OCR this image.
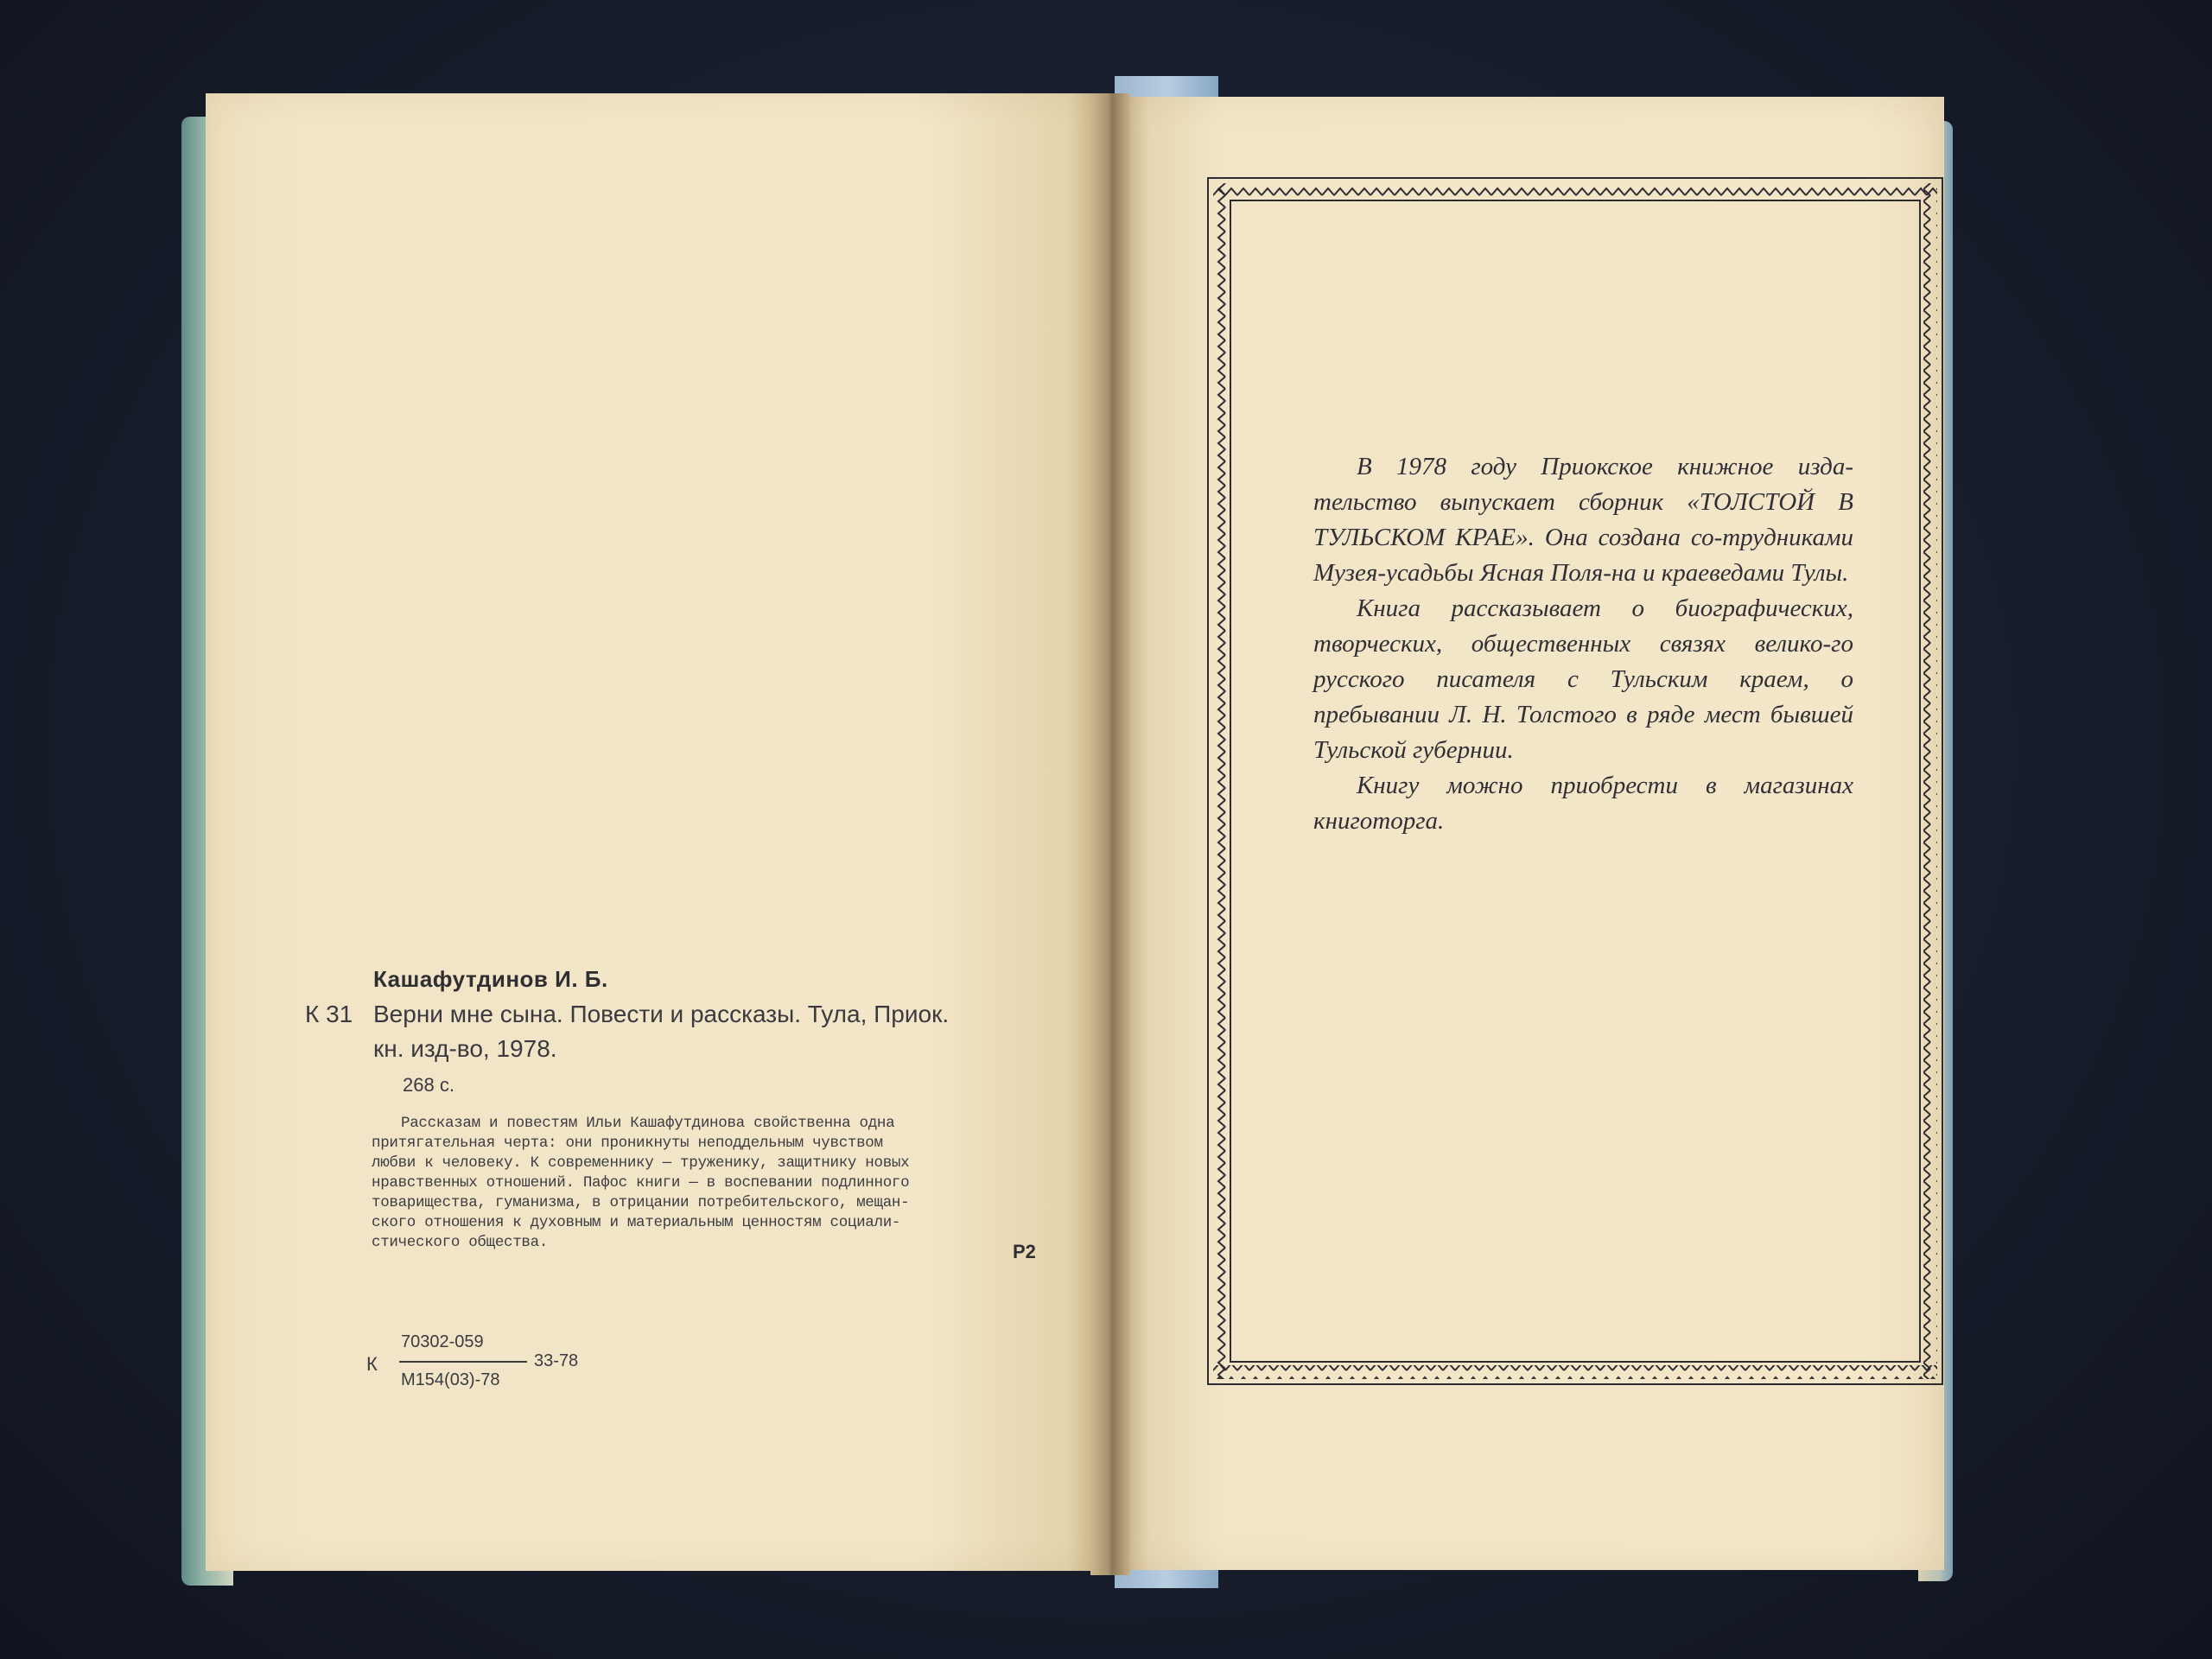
Кашафутдинов И. Б.
К 31 Верни мне сына. Повести и рассказы. Тула, Приок.
кн. изд-во, 1978.
268 с.
Рассказам и повестям Ильи Кашафутдинова свойственна одна
притягательная черта: они проникнуты неподдельным чувством
любви к человеку. К современнику — труженику, защитнику новых
нравственных отношений. Пафос книги — в воспевании подлинного
товарищества, гуманизма, в отрицании потребительского, мещан-
ского отношения к духовным и материальным ценностям социали-
стического общества.	Р2
К
70302-059
М154(03)-78
33-78

В 1978 году Приокское книжное изда-тельство выпускает сборник «ТОЛСТОЙ В ТУЛЬСКОМ КРАЕ». Она создана со-трудниками Музея-усадьбы Ясная Поля-на и краеведами Тулы.

Книга рассказывает о биографических, творческих, общественных связях велико-го русского писателя с Тульским краем, о пребывании Л. Н. Толстого в ряде мест бывшей Тульской губернии.

Книгу можно приобрести в магазинах книготорга.
